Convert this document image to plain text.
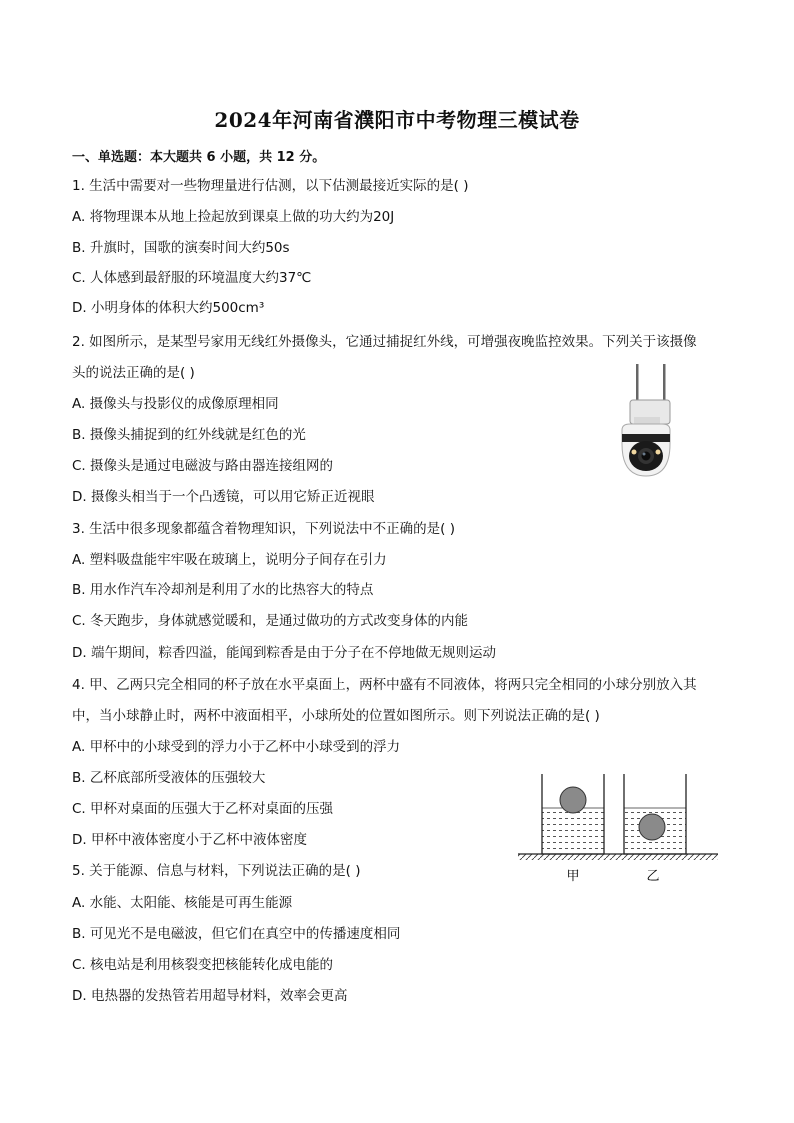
2024年河南省濮阳市中考物理三模试卷
一、单选题：本大题共 6 小题，共 12 分。
1. 生活中需要对一些物理量进行估测，以下估测最接近实际的是( )
A. 将物理课本从地上捡起放到课桌上做的功大约为20J
B. 升旗时，国歌的演奏时间大约50s
C. 人体感到最舒服的环境温度大约37℃
D. 小明身体的体积大约500cm³
2. 如图所示，是某型号家用无线红外摄像头，它通过捕捉红外线，可增强夜晚监控效果。下列关于该摄像
头的说法正确的是( )
A. 摄像头与投影仪的成像原理相同
B. 摄像头捕捉到的红外线就是红色的光
C. 摄像头是通过电磁波与路由器连接组网的
D. 摄像头相当于一个凸透镜，可以用它矫正近视眼
3. 生活中很多现象都蕴含着物理知识，下列说法中不正确的是( )
A. 塑料吸盘能牢牢吸在玻璃上，说明分子间存在引力
B. 用水作汽车冷却剂是利用了水的比热容大的特点
C. 冬天跑步，身体就感觉暖和，是通过做功的方式改变身体的内能
D. 端午期间，粽香四溢，能闻到粽香是由于分子在不停地做无规则运动
4. 甲、乙两只完全相同的杯子放在水平桌面上，两杯中盛有不同液体，将两只完全相同的小球分别放入其
中，当小球静止时，两杯中液面相平，小球所处的位置如图所示。则下列说法正确的是( )
A. 甲杯中的小球受到的浮力小于乙杯中小球受到的浮力
B. 乙杯底部所受液体的压强较大
C. 甲杯对桌面的压强大于乙杯对桌面的压强
D. 甲杯中液体密度小于乙杯中液体密度
甲	乙
5. 关于能源、信息与材料，下列说法正确的是( )
A. 水能、太阳能、核能是可再生能源
B. 可见光不是电磁波，但它们在真空中的传播速度相同
C. 核电站是利用核裂变把核能转化成电能的
D. 电热器的发热管若用超导材料，效率会更高
